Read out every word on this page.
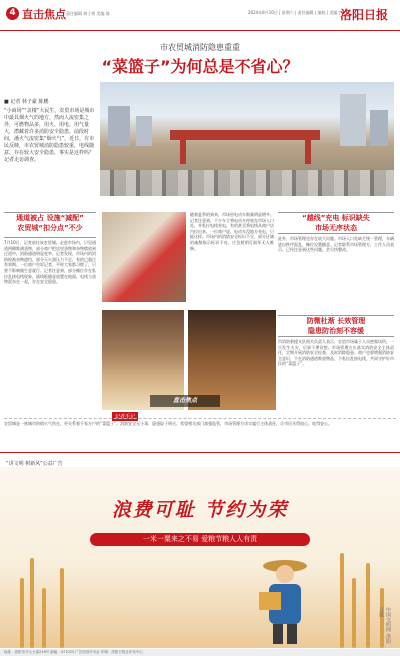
4 直击焦点 责任编辑 林子豪 美编 陈	2024年8月10日 | 星期六 | 责任编辑 | 编校 | 美编 | 校对
洛阳日报
市农贸城消防隐患重重
“菜篮子”为何总是不省心？
■ 记者 林子豪 陈鹏
“小商场”“盖楼”大民生，农贸市场是城市中最具烟火气的地方，然而人流密集之外，可燃物品多，用火、用电、用气量大，潜藏着许多消防安全隐患。前段时间，潘火气流密集“烟火气”，近日，有市民反映，市农贸城消防隐患较重，电线随意、存在较大安全隐患，事实是这样吗？记者走访调查。
通道被占 设施“减配”
农贸城“扣分点”不少
“越线”充电 标识缺失
市场无序状态
防微杜渐 长效管理
隐患防治刻不容缓
7月10日，记者前往该农贸城。走进市场内，只见通道两侧堆满货物，部分商户把店里货物和杂物摆放到过道中，消防通道明显变窄。记者发现，市场内的消防栓被杂物遮挡，部分灭火器压力不足，有的已超过有效期。一位商户告诉记者，平时大家都习惯了，只要不影响做生意就行。记者注意到，部分摊位存在私拉乱接电线现象，插线板随意放置在地面，电线与货物混杂在一起，存在安全隐患。
随着夏季的到来，市场里电动车数量明显增多。记者注意到，不少车主将电动车停放在市场入口处，并私拉电线充电，有的甚至将电线从商户店内拉出来。一位商户说，电动车没地方充电，只能这样。市场内的消防安全标识不全，部分区域的疏散指示标识不亮，应急照明灯损坏无人维修。
此外，市场管理也存在较大问题。市场入口处缺乏统一管理，车辆进出秩序混乱，摊位设置随意。记者联系市场管理方，工作人员表示，已经注意到这些问题，会尽快整改。
市消防救援支队相关负责人表示，农贸市场属于人员密集场所，一旦发生火灾，后果不堪设想。市场管理方应落实消防安全主体责任，定期开展消防安全检查，及时消除隐患。商户也要增强消防安全意识，不在消防通道堆放物品，不私拉乱接电线，共同守护好市民的“菜篮子”。
直击焦点
记者手记
农贸城是一座城市的烟火气所在，更关系着千家万户的“菜篮子”。消防安全无小事，隐患险于明火。希望相关部门加强监管，市场管理方切实履行主体责任，让市民买得放心、吃得安心。
“讲文明 树新风”公益广告
浪费可耻 节约为荣
一米一粟来之不易 爱粮节粮人人有责
中国文明网 洛阳日报
地址：洛阳市开元大道218号 邮编：471023 广告经营许可证 印刷：洛阳日报社印务中心
